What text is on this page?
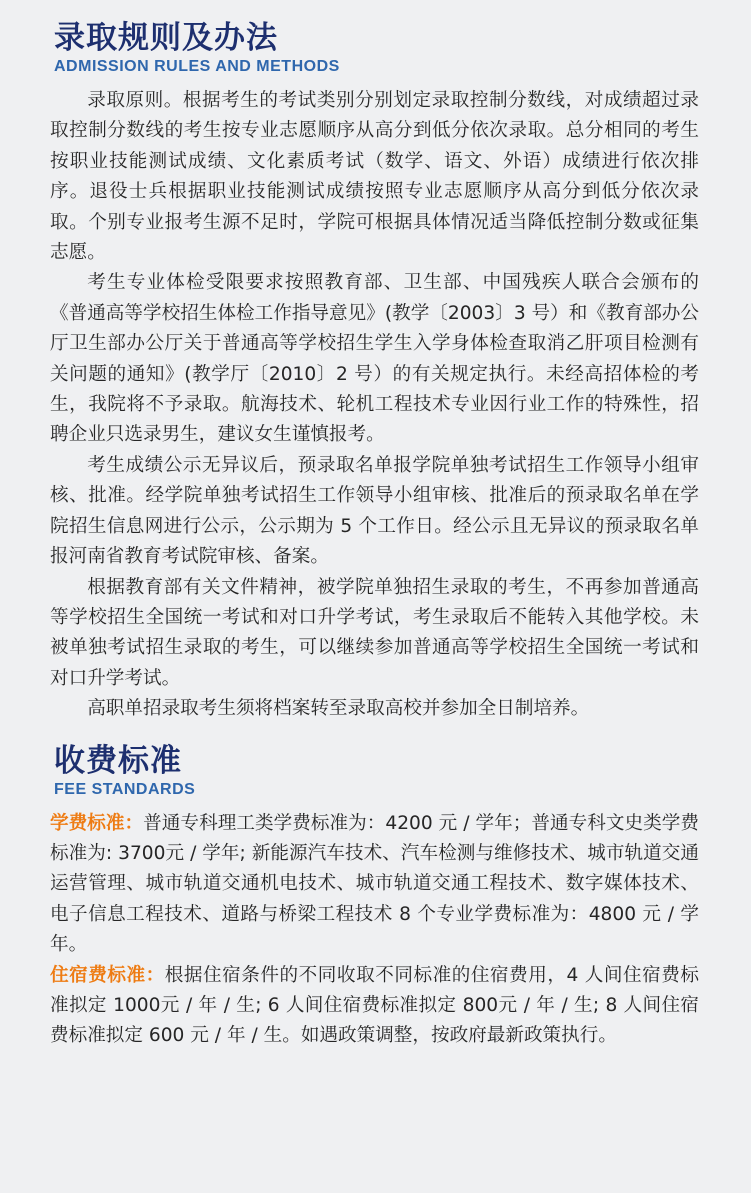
录取规则及办法
ADMISSION RULES AND METHODS

录取原则。根据考生的考试类别分别划定录取控制分数线，对成绩超过录取控制分数线的考生按专业志愿顺序从高分到低分依次录取。总分相同的考生按职业技能测试成绩、文化素质考试（数学、语文、外语）成绩进行依次排序。退役士兵根据职业技能测试成绩按照专业志愿顺序从高分到低分依次录取。个别专业报考生源不足时，学院可根据具体情况适当降低控制分数或征集志愿。

考生专业体检受限要求按照教育部、卫生部、中国残疾人联合会颁布的《普通高等学校招生体检工作指导意见》(教学〔2003〕3 号）和《教育部办公厅卫生部办公厅关于普通高等学校招生学生入学身体检查取消乙肝项目检测有关问题的通知》(教学厅〔2010〕2 号）的有关规定执行。未经高招体检的考生，我院将不予录取。航海技术、轮机工程技术专业因行业工作的特殊性，招聘企业只选录男生，建议女生谨慎报考。

考生成绩公示无异议后，预录取名单报学院单独考试招生工作领导小组审核、批准。经学院单独考试招生工作领导小组审核、批准后的预录取名单在学院招生信息网进行公示，公示期为 5 个工作日。经公示且无异议的预录取名单报河南省教育考试院审核、备案。

根据教育部有关文件精神，被学院单独招生录取的考生，不再参加普通高等学校招生全国统一考试和对口升学考试，考生录取后不能转入其他学校。未被单独考试招生录取的考生，可以继续参加普通高等学校招生全国统一考试和对口升学考试。

高职单招录取考生须将档案转至录取高校并参加全日制培养。

收费标准
FEE STANDARDS

学费标准：普通专科理工类学费标准为：4200 元 / 学年；普通专科文史类学费标准为: 3700元 / 学年; 新能源汽车技术、汽车检测与维修技术、城市轨道交通运营管理、城市轨道交通机电技术、城市轨道交通工程技术、数字媒体技术、电子信息工程技术、道路与桥梁工程技术 8 个专业学费标准为：4800 元 / 学年。

住宿费标准：根据住宿条件的不同收取不同标准的住宿费用，4 人间住宿费标准拟定 1000元 / 年 / 生; 6 人间住宿费标准拟定 800元 / 年 / 生; 8 人间住宿费标准拟定 600 元 / 年 / 生。如遇政策调整，按政府最新政策执行。
